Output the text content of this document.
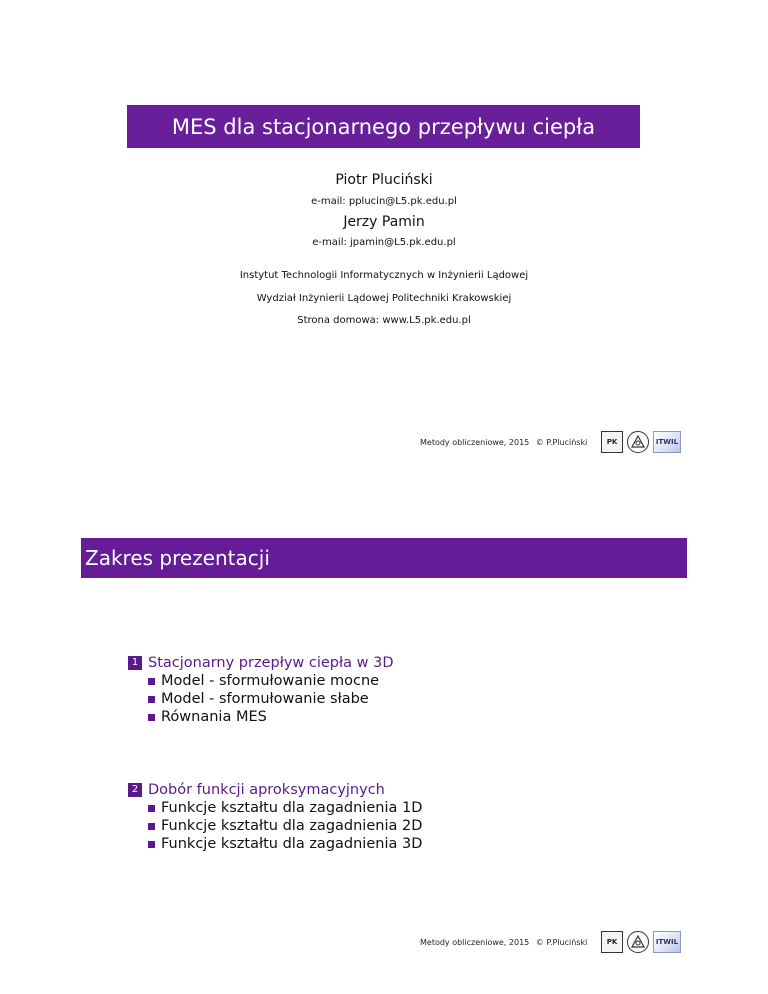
MES dla stacjonarnego przepływu ciepła
Piotr Pluciński
e-mail: pplucin@L5.pk.edu.pl
Jerzy Pamin
e-mail: jpamin@L5.pk.edu.pl
Instytut Technologii Informatycznych w Inżynierii Lądowej
Wydział Inżynierii Lądowej Politechniki Krakowskiej
Strona domowa: www.L5.pk.edu.pl
Metody obliczeniowe, 2015 © P.Pluciński	PK	ITWIL
Zakres prezentacji
1 Stacjonarny przepływ ciepła w 3D
Model - sformułowanie mocne
Model - sformułowanie słabe
Równania MES
2 Dobór funkcji aproksymacyjnych
Funkcje kształtu dla zagadnienia 1D
Funkcje kształtu dla zagadnienia 2D
Funkcje kształtu dla zagadnienia 3D
Metody obliczeniowe, 2015 © P.Pluciński	PK	ITWIL
